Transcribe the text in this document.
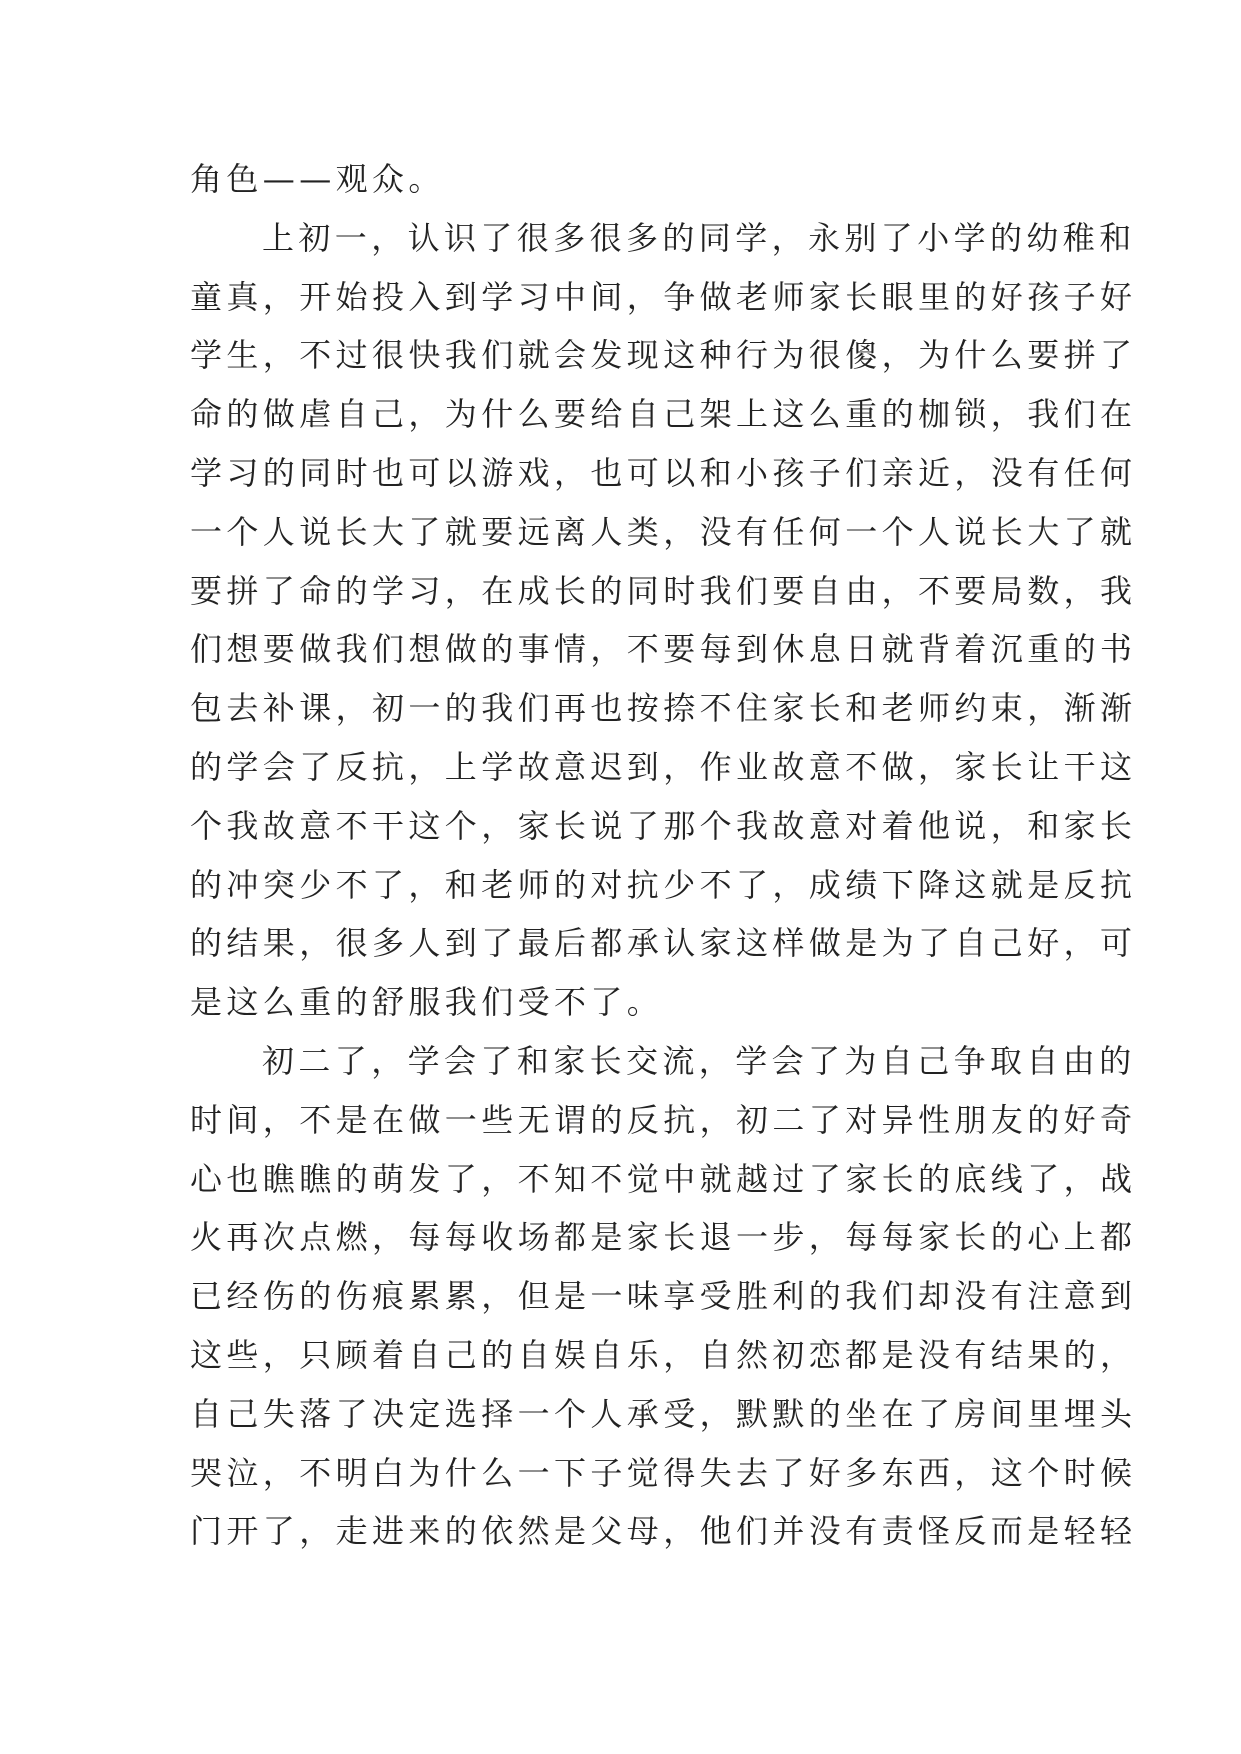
角色——观众。
上初一，认识了很多很多的同学，永别了小学的幼稚和
童真，开始投入到学习中间，争做老师家长眼里的好孩子好
学生，不过很快我们就会发现这种行为很傻，为什么要拼了
命的做虐自己，为什么要给自己架上这么重的枷锁，我们在
学习的同时也可以游戏，也可以和小孩子们亲近，没有任何
一个人说长大了就要远离人类，没有任何一个人说长大了就
要拼了命的学习，在成长的同时我们要自由，不要局数，我
们想要做我们想做的事情，不要每到休息日就背着沉重的书
包去补课，初一的我们再也按捺不住家长和老师约束，渐渐
的学会了反抗，上学故意迟到，作业故意不做，家长让干这
个我故意不干这个，家长说了那个我故意对着他说，和家长
的冲突少不了，和老师的对抗少不了，成绩下降这就是反抗
的结果，很多人到了最后都承认家这样做是为了自己好，可
是这么重的舒服我们受不了。
初二了，学会了和家长交流，学会了为自己争取自由的
时间，不是在做一些无谓的反抗，初二了对异性朋友的好奇
心也瞧瞧的萌发了，不知不觉中就越过了家长的底线了，战
火再次点燃，每每收场都是家长退一步，每每家长的心上都
已经伤的伤痕累累，但是一味享受胜利的我们却没有注意到
这些，只顾着自己的自娱自乐，自然初恋都是没有结果的，
自己失落了决定选择一个人承受，默默的坐在了房间里埋头
哭泣，不明白为什么一下子觉得失去了好多东西，这个时候
门开了，走进来的依然是父母，他们并没有责怪反而是轻轻
